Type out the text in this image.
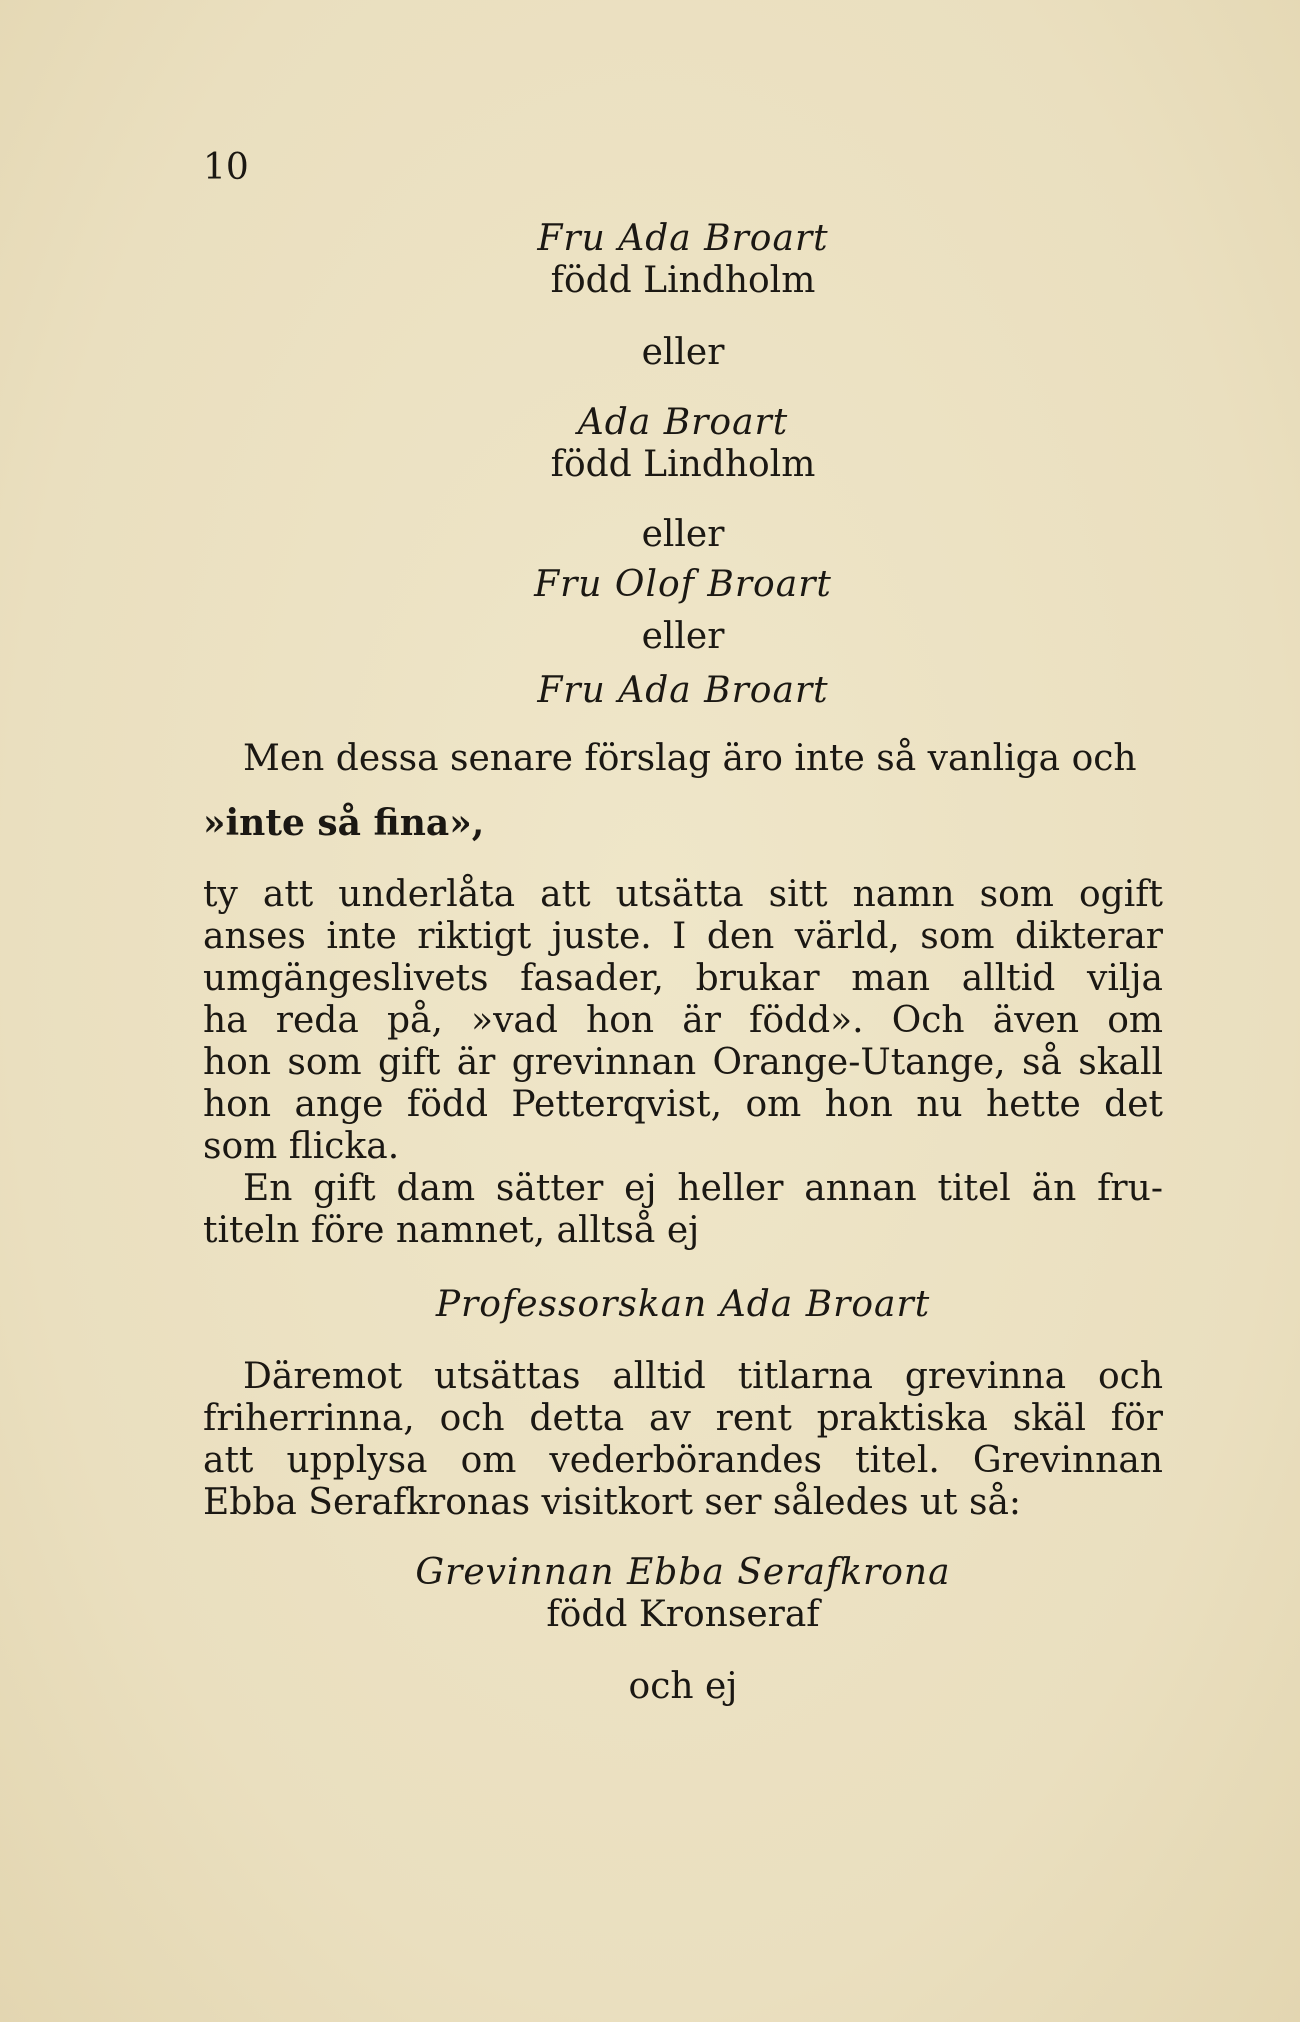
10
Fru Ada Broart
född Lindholm
eller
Ada Broart
född Lindholm
eller
Fru Olof Broart
eller
Fru Ada Broart
Men dessa senare förslag äro inte så vanliga och
»inte så fina»,
ty att underlåta att utsätta sitt namn som ogift
anses inte riktigt juste. I den värld, som dikterar
umgängeslivets fasader, brukar man alltid vilja
ha reda på, »vad hon är född». Och även om
hon som gift är grevinnan Orange-Utange, så skall
hon ange född Petterqvist, om hon nu hette det
som flicka.
En gift dam sätter ej heller annan titel än fru-
titeln före namnet, alltså ej
Professorskan Ada Broart
Däremot utsättas alltid titlarna grevinna och
friherrinna, och detta av rent praktiska skäl för
att upplysa om vederbörandes titel. Grevinnan
Ebba Serafkronas visitkort ser således ut så:
Grevinnan Ebba Serafkrona
född Kronseraf
och ej
